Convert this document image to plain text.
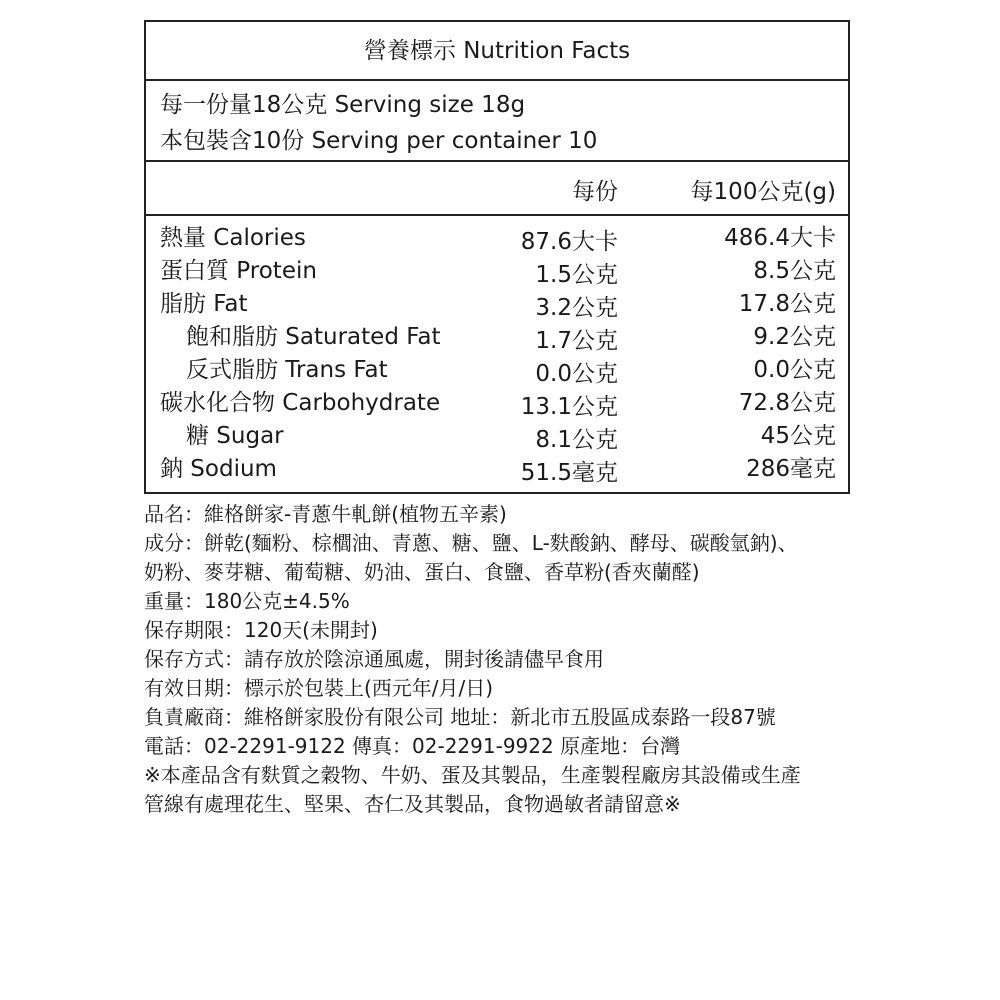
營養標示 Nutrition Facts
每一份量18公克 Serving size 18g
本包裝含10份 Serving per container 10
每份	每100公克(g)
熱量 Calories	87.6大卡	486.4大卡
蛋白質 Protein	1.5公克	8.5公克
脂肪 Fat	3.2公克	17.8公克
飽和脂肪 Saturated Fat	1.7公克	9.2公克
反式脂肪 Trans Fat	0.0公克	0.0公克
碳水化合物 Carbohydrate	13.1公克	72.8公克
糖 Sugar	8.1公克	45公克
鈉 Sodium	51.5毫克	286毫克
品名：維格餅家-青蔥牛軋餅(植物五辛素)
成分：餅乾(麵粉、棕櫚油、青蔥、糖、鹽、L-麩酸鈉、酵母、碳酸氫鈉)、
奶粉、麥芽糖、葡萄糖、奶油、蛋白、食鹽、香草粉(香夾蘭醛)
重量：180公克±4.5%
保存期限：120天(未開封)
保存方式：請存放於陰涼通風處，開封後請儘早食用
有效日期：標示於包裝上(西元年/月/日)
負責廠商：維格餅家股份有限公司 地址：新北市五股區成泰路一段87號
電話：02-2291-9122 傳真：02-2291-9922 原產地：台灣
※本產品含有麩質之穀物、牛奶、蛋及其製品，生產製程廠房其設備或生產
管線有處理花生、堅果、杏仁及其製品，食物過敏者請留意※
